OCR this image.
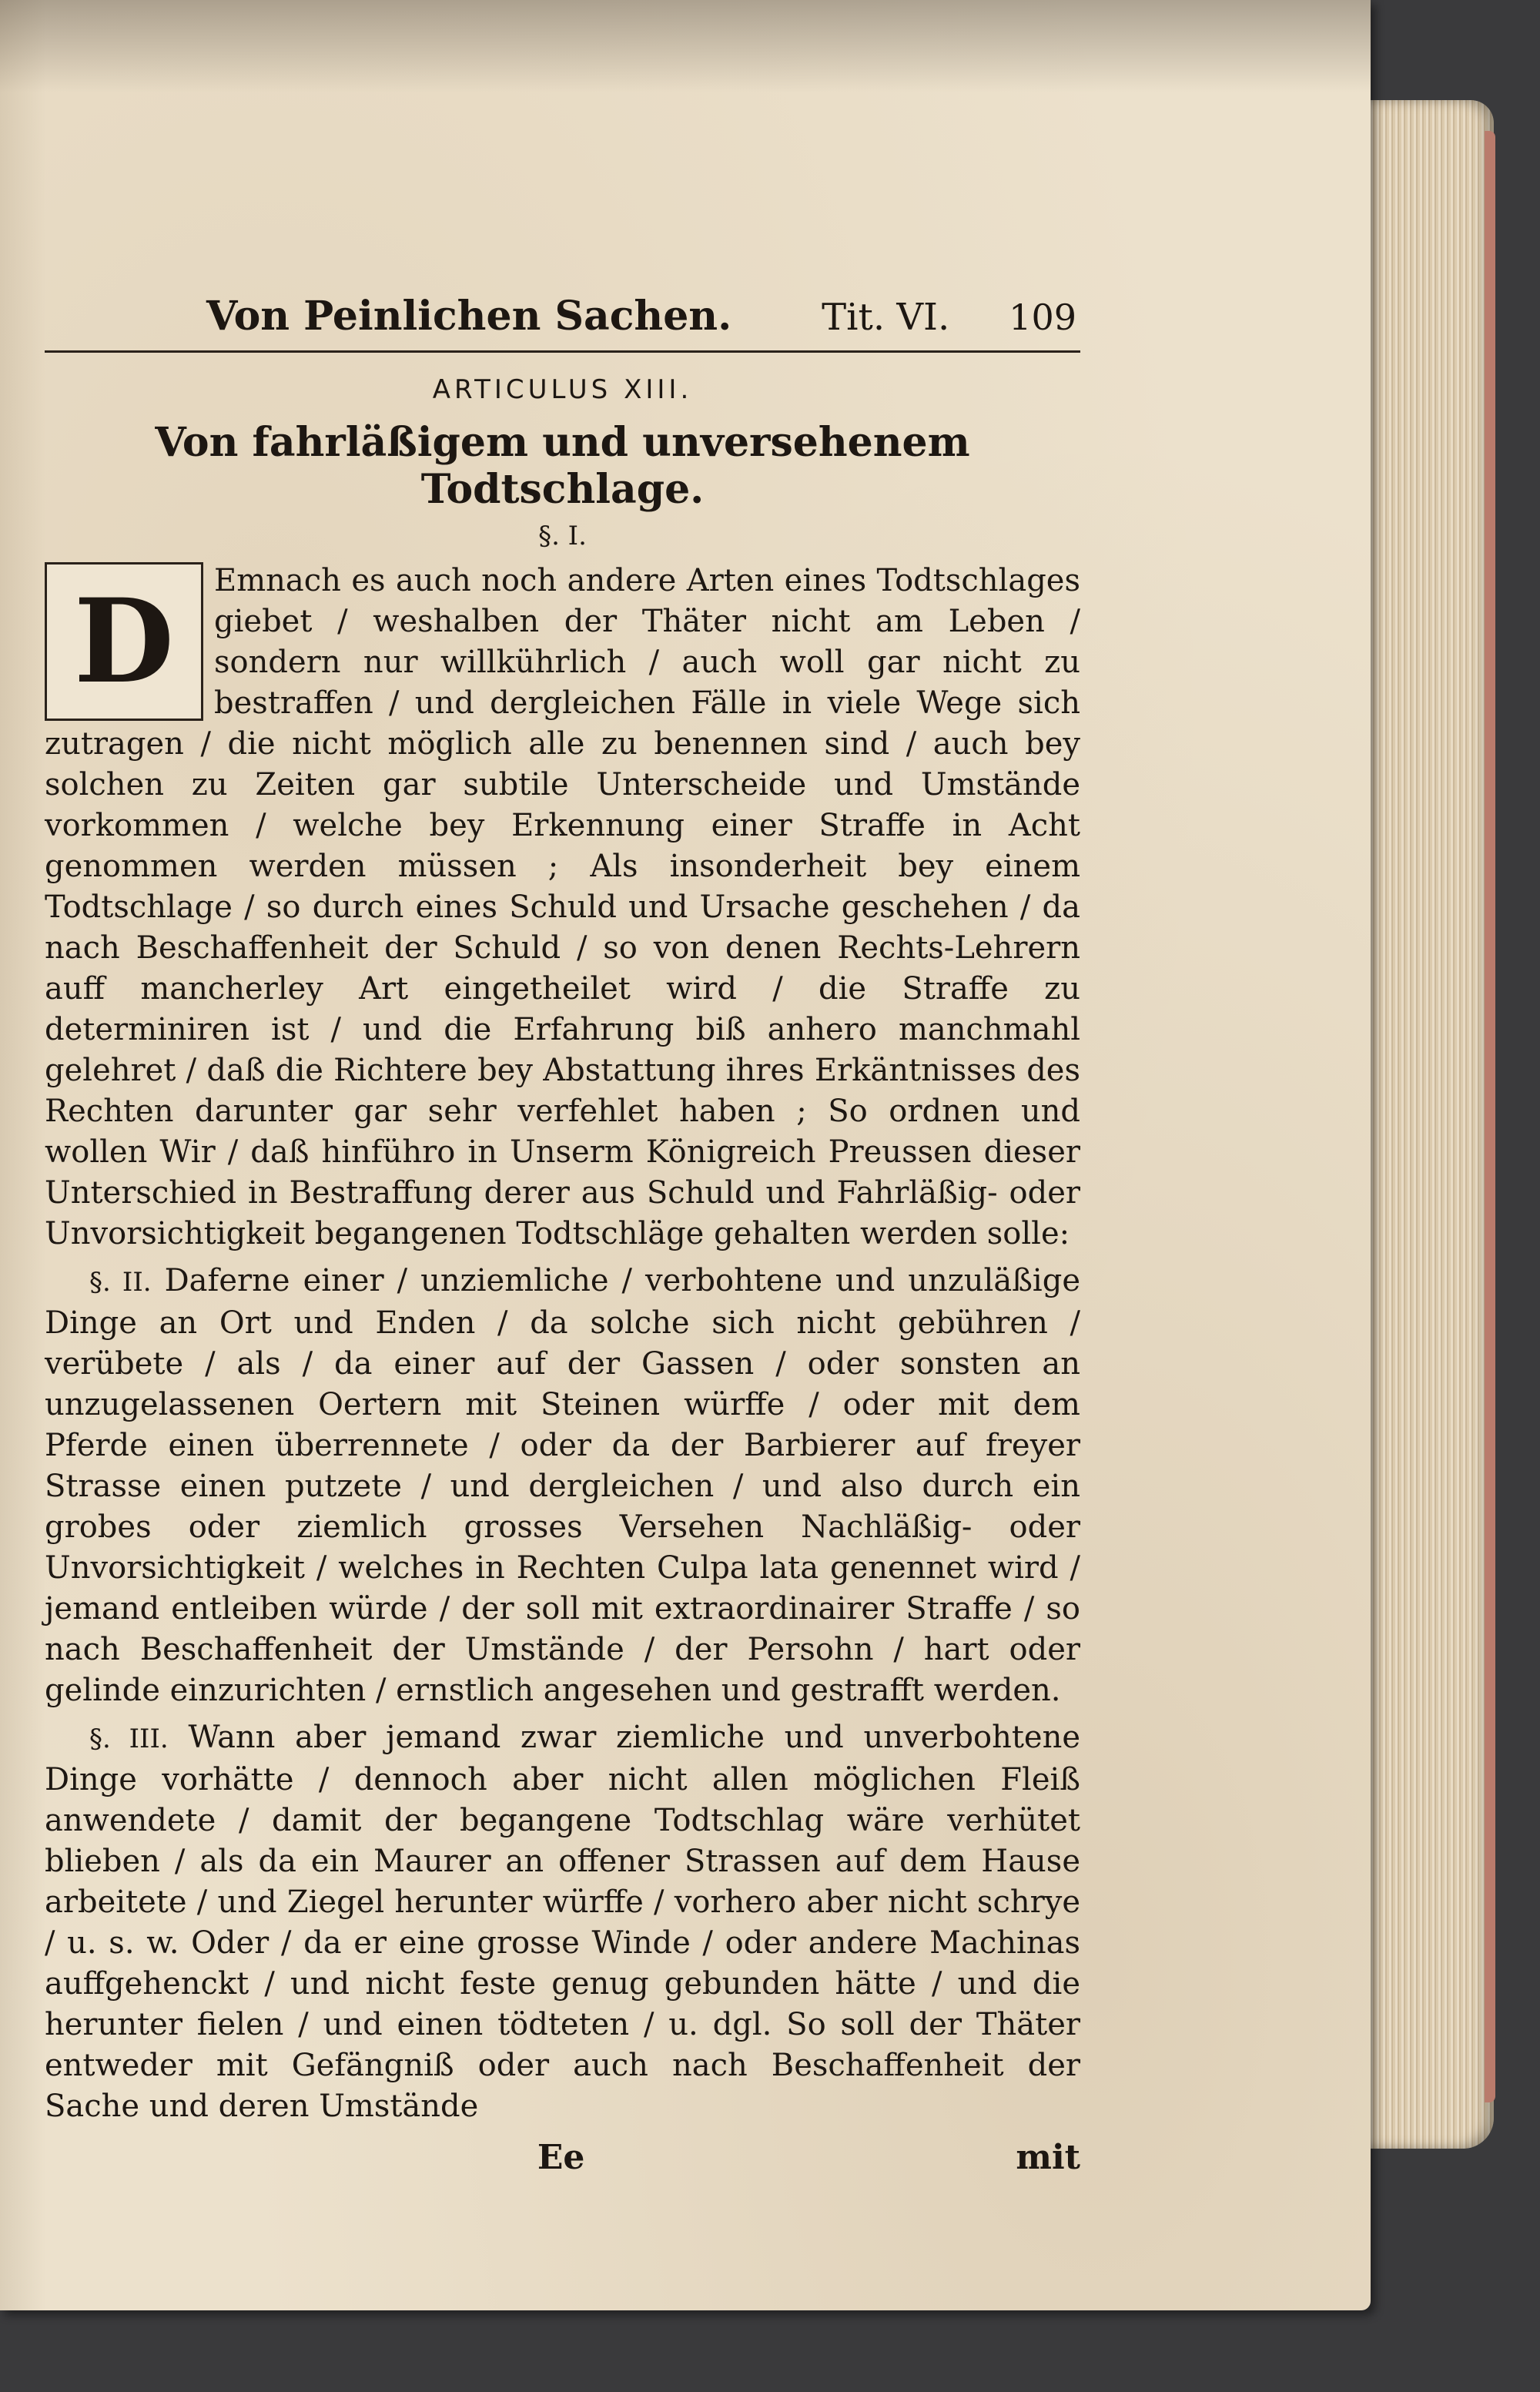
Von Peinlichen Sachen. Tit. VI. 109
ARTICULUS XIII.
Von fahrläßigem und unversehenem Todtschlage.
§. I.
D	Emnach es auch noch andere Arten eines Todtschlages giebet / weshalben der Thäter nicht am Leben / sondern nur willkührlich / auch woll gar nicht zu bestraffen / und dergleichen Fälle in viele Wege sich zutragen / die nicht möglich alle zu benennen sind / auch bey solchen zu Zeiten gar subtile Unterscheide und Umstände vorkommen / welche bey Erkennung einer Straffe in Acht genommen werden müssen ; Als insonderheit bey einem Todtschlage / so durch eines Schuld und Ursache geschehen / da nach Beschaffenheit der Schuld / so von denen Rechts-Lehrern auff mancherley Art eingetheilet wird / die Straffe zu determiniren ist / und die Erfahrung biß anhero manchmahl gelehret / daß die Richtere bey Abstattung ihres Erkäntnisses des Rechten darunter gar sehr verfehlet haben ; So ordnen und wollen Wir / daß hinführo in Unserm Königreich Preussen dieser Unterschied in Bestraffung derer aus Schuld und Fahrläßig- oder Unvorsichtigkeit begangenen Todtschläge gehalten werden solle:
§. II. Daferne einer / unziemliche / verbohtene und unzuläßige Dinge an Ort und Enden / da solche sich nicht gebühren / verübete / als / da einer auf der Gassen / oder sonsten an unzugelassenen Oertern mit Steinen würffe / oder mit dem Pferde einen überrennete / oder da der Barbierer auf freyer Strasse einen putzete / und dergleichen / und also durch ein grobes oder ziemlich grosses Versehen Nachläßig- oder Unvorsichtigkeit / welches in Rechten Culpa lata genennet wird / jemand entleiben würde / der soll mit extraordinairer Straffe / so nach Beschaffenheit der Umstände / der Persohn / hart oder gelinde einzurichten / ernstlich angesehen und gestrafft werden.
§. III. Wann aber jemand zwar ziemliche und unverbohtene Dinge vorhätte / dennoch aber nicht allen möglichen Fleiß anwendete / damit der begangene Todtschlag wäre verhütet blieben / als da ein Maurer an offener Strassen auf dem Hause arbeitete / und Ziegel herunter würffe / vorhero aber nicht schrye / u. s. w. Oder / da er eine grosse Winde / oder andere Machinas auffgehenckt / und nicht feste genug gebunden hätte / und die herunter fielen / und einen tödteten / u. dgl. So soll der Thäter entweder mit Gefängniß oder auch nach Beschaffenheit der Sache und deren Umstände
Ee	mit
